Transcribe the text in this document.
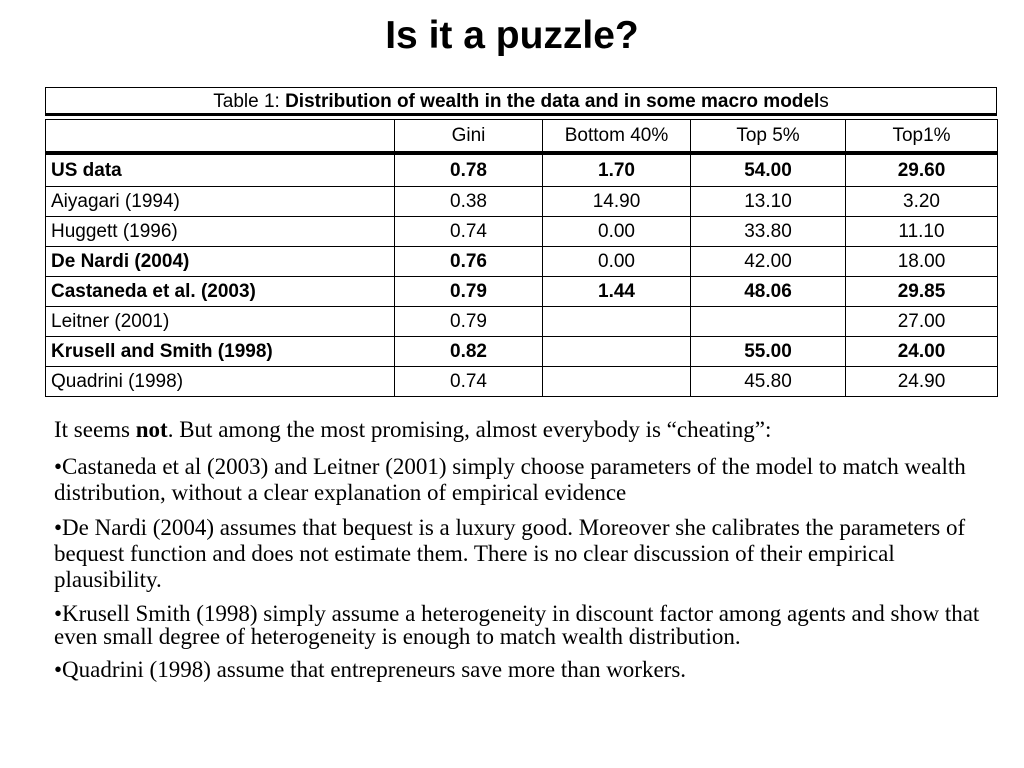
Is it a puzzle?
Table 1: Distribution of wealth in the data and in some macro models
	Gini	Bottom 40%	Top 5%	Top1%
US data	0.78	1.70	54.00	29.60
Aiyagari (1994)	0.38	14.90	13.10	3.20
Huggett (1996)	0.74	0.00	33.80	11.10
De Nardi (2004)	0.76	0.00	42.00	18.00
Castaneda et al. (2003)	0.79	1.44	48.06	29.85
Leitner (2001)	0.79			27.00
Krusell and Smith (1998)	0.82		55.00	24.00
Quadrini (1998)	0.74		45.80	24.90

It seems not. But among the most promising, almost everybody is “cheating”:

•Castaneda et al (2003) and Leitner (2001) simply choose parameters of the model to match wealth distribution, without a clear explanation of empirical evidence

•De Nardi (2004) assumes that bequest is a luxury good. Moreover she calibrates the parameters of bequest function and does not estimate them. There is no clear discussion of their empirical plausibility.

•Krusell Smith (1998) simply assume a heterogeneity in discount factor among agents and show that even small degree of heterogeneity is enough to match wealth distribution.

•Quadrini (1998) assume that entrepreneurs save more than workers.
